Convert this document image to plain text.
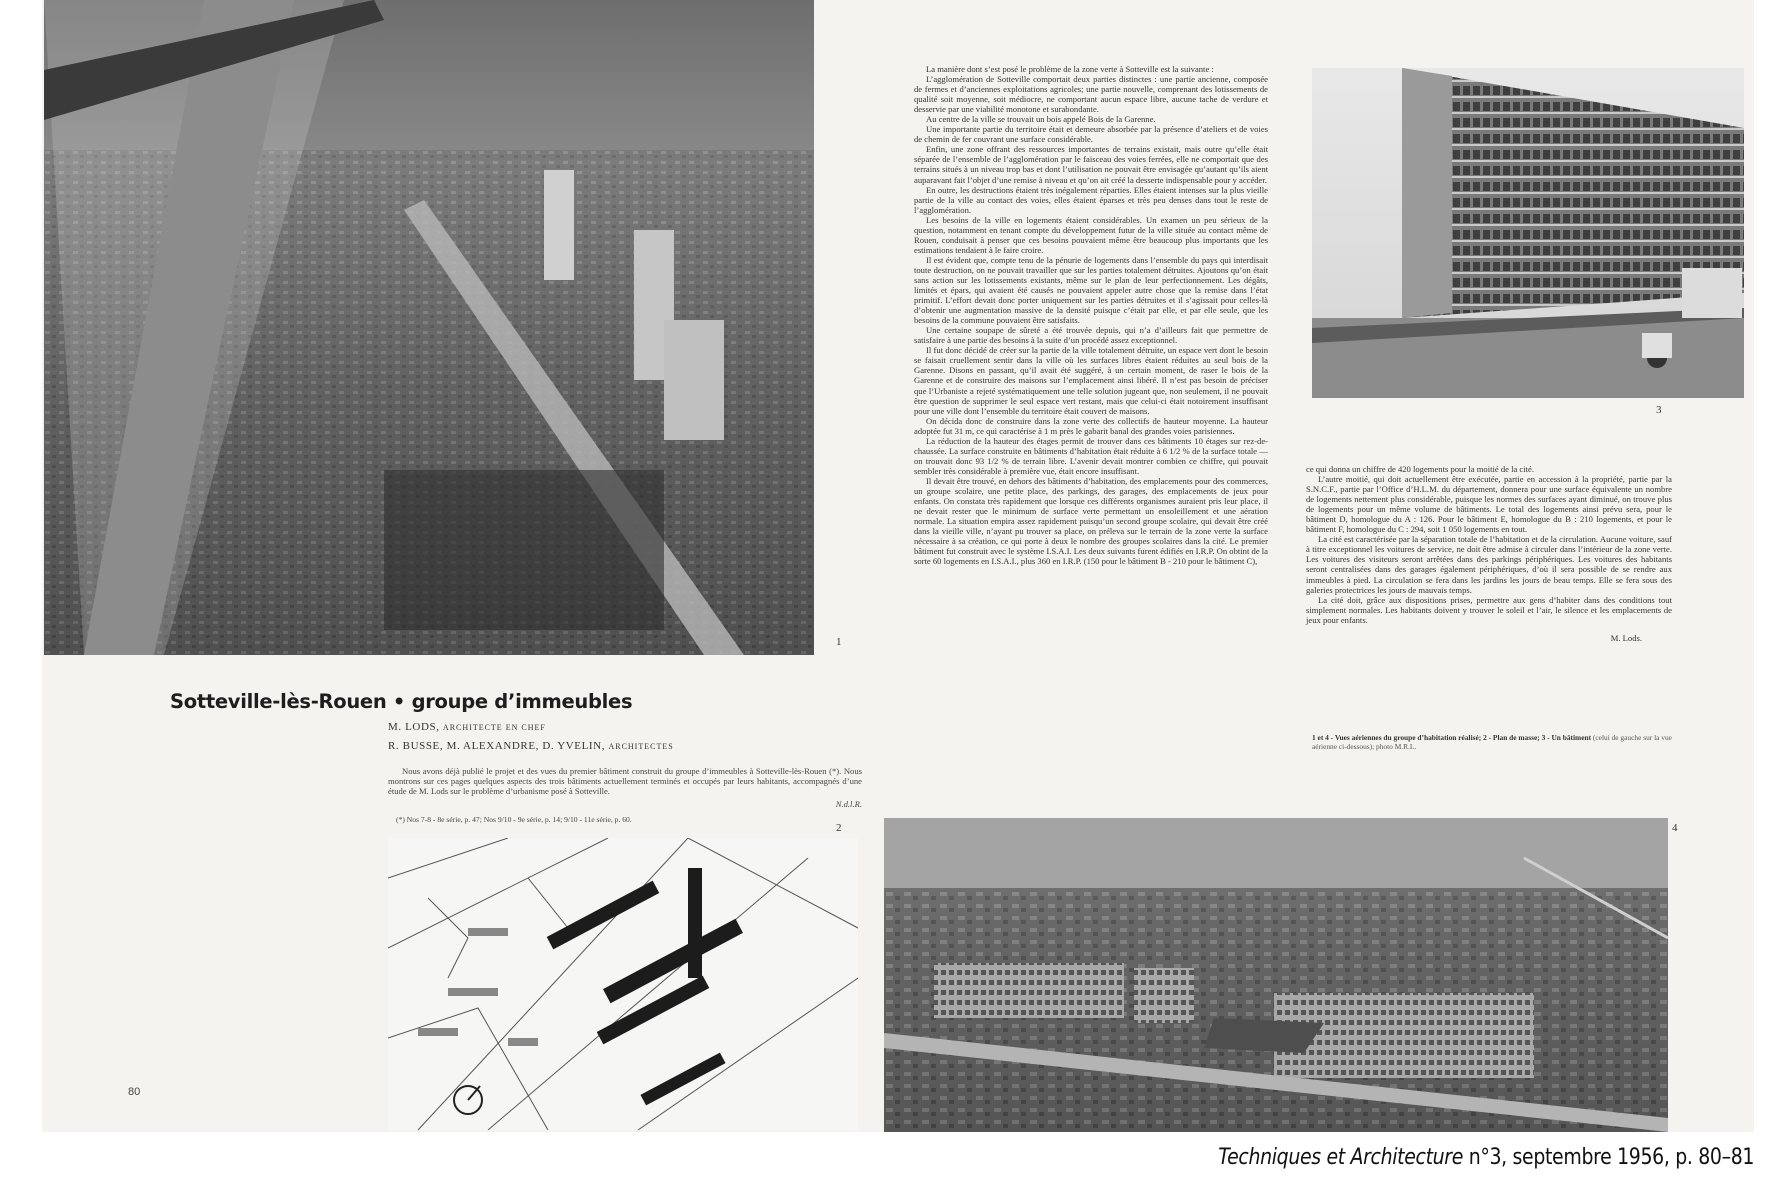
1
Sotteville-lès-Rouen • groupe d’immeubles
M. LODS, ARCHITECTE EN CHEF
R. BUSSE, M. ALEXANDRE, D. YVELIN, ARCHITECTES

Nous avons déjà publié le projet et des vues du premier bâtiment construit du groupe d’immeubles à Sotteville-lès-Rouen (*). Nous montrons sur ces pages quelques aspects des trois bâtiments actuellement terminés et occupés par leurs habitants, accompagnés d’une étude de M. Lods sur le problème d’urbanisme posé à Sotteville.

N.d.l.R.

(*) Nos 7-8 - 8e série, p. 47; Nos 9/10 - 9e série, p. 14; 9/10 - 11e série, p. 60.

2
80

La manière dont s’est posé le problème de la zone verte à Sotteville est la suivante :

L’agglomération de Sotteville comportait deux parties distinctes : une partie ancienne, composée de fermes et d’anciennes exploitations agricoles; une partie nouvelle, comprenant des lotissements de qualité soit moyenne, soit médiocre, ne comportant aucun espace libre, aucune tache de verdure et desservie par une viabilité monotone et surabondante.

Au centre de la ville se trouvait un bois appelé Bois de la Garenne.

Une importante partie du territoire était et demeure absorbée par la présence d’ateliers et de voies de chemin de fer couvrant une surface considérable.

Enfin, une zone offrant des ressources importantes de terrains existait, mais outre qu’elle était séparée de l’ensemble de l’agglomération par le faisceau des voies ferrées, elle ne comportait que des terrains situés à un niveau trop bas et dont l’utilisation ne pouvait être envisagée qu’autant qu’ils aient auparavant fait l’objet d’une remise à niveau et qu’on ait créé la desserte indispensable pour y accéder.

En outre, les destructions étaient très inégalement réparties. Elles étaient intenses sur la plus vieille partie de la ville au contact des voies, elles étaient éparses et très peu denses dans tout le reste de l’agglomération.

Les besoins de la ville en logements étaient considérables. Un examen un peu sérieux de la question, notamment en tenant compte du développement futur de la ville située au contact même de Rouen, conduisait à penser que ces besoins pouvaient même être beaucoup plus importants que les estimations tendaient à le faire croire.

Il est évident que, compte tenu de la pénurie de logements dans l’ensemble du pays qui interdisait toute destruction, on ne pouvait travailler que sur les parties totalement détruites. Ajoutons qu’on était sans action sur les lotissements existants, même sur le plan de leur perfectionnement. Les dégâts, limités et épars, qui avaient été causés ne pouvaient appeler autre chose que la remise dans l’état primitif. L’effort devait donc porter uniquement sur les parties détruites et il s’agissait pour celles-là d’obtenir une augmentation massive de la densité puisque c’était par elle, et par elle seule, que les besoins de la commune pouvaient être satisfaits.

Une certaine soupape de sûreté a été trouvée depuis, qui n’a d’ailleurs fait que permettre de satisfaire à une partie des besoins à la suite d’un procédé assez exceptionnel.

Il fut donc décidé de créer sur la partie de la ville totalement détruite, un espace vert dont le besoin se faisait cruellement sentir dans la ville où les surfaces libres étaient réduites au seul bois de la Garenne. Disons en passant, qu’il avait été suggéré, à un certain moment, de raser le bois de la Garenne et de construire des maisons sur l’emplacement ainsi libéré. Il n’est pas besoin de préciser que l’Urbaniste a rejeté systématiquement une telle solution jugeant que, non seulement, il ne pouvait être question de supprimer le seul espace vert restant, mais que celui-ci était notoirement insuffisant pour une ville dont l’ensemble du territoire était couvert de maisons.

On décida donc de construire dans la zone verte des collectifs de hauteur moyenne. La hauteur adoptée fut 31 m, ce qui caractérise à 1 m près le gabarit banal des grandes voies parisiennes.

La réduction de la hauteur des étages permit de trouver dans ces bâtiments 10 étages sur rez-de-chaussée. La surface construite en bâtiments d’habitation était réduite à 6 1/2 % de la surface totale — on trouvait donc 93 1/2 % de terrain libre. L’avenir devait montrer combien ce chiffre, qui pouvait sembler très considérable à première vue, était encore insuffisant.

Il devait être trouvé, en dehors des bâtiments d’habitation, des emplacements pour des commerces, un groupe scolaire, une petite place, des parkings, des garages, des emplacements de jeux pour enfants. On constata très rapidement que lorsque ces différents organismes auraient pris leur place, il ne devait rester que le minimum de surface verte permettant un ensoleillement et une aération normale. La situation empira assez rapidement puisqu’un second groupe scolaire, qui devait être créé dans la vieille ville, n’ayant pu trouver sa place, on préleva sur le terrain de la zone verte la surface nécessaire à sa création, ce qui porte à deux le nombre des groupes scolaires dans la cité. Le premier bâtiment fut construit avec le système I.S.A.I. Les deux suivants furent édifiés en I.R.P. On obtint de la sorte 60 logements en I.S.A.I., plus 360 en I.R.P. (150 pour le bâtiment B - 210 pour le bâtiment C),

3

ce qui donna un chiffre de 420 logements pour la moitié de la cité.

L’autre moitié, qui doit actuellement être exécutée, partie en accession à la propriété, partie par la S.N.C.F., partie par l’Office d’H.L.M. du département, donnera pour une surface équivalente un nombre de logements nettement plus considérable, puisque les normes des surfaces ayant diminué, on trouve plus de logements pour un même volume de bâtiments. Le total des logements ainsi prévu sera, pour le bâtiment D, homologue du A : 126. Pour le bâtiment E, homologue du B : 210 logements, et pour le bâtiment F, homologue du C : 294, soit 1 050 logements en tout.

La cité est caractérisée par la séparation totale de l’habitation et de la circulation. Aucune voiture, sauf à titre exceptionnel les voitures de service, ne doit être admise à circuler dans l’intérieur de la zone verte. Les voitures des visiteurs seront arrêtées dans des parkings périphériques. Les voitures des habitants seront centralisées dans des garages également périphériques, d’où il sera possible de se rendre aux immeubles à pied. La circulation se fera dans les jardins les jours de beau temps. Elle se fera sous des galeries protectrices les jours de mauvais temps.

La cité doit, grâce aux dispositions prises, permettre aux gens d’habiter dans des conditions tout simplement normales. Les habitants doivent y trouver le soleil et l’air, le silence et les emplacements de jeux pour enfants.

M. Lods.

1 et 4 - Vues aériennes du groupe d’habitation réalisé; 2 - Plan de masse; 3 - Un bâtiment (celui de gauche sur la vue aérienne ci-dessous); photo M.R.L.
4
Techniques et Architecture n°3, septembre 1956, p. 80–81
